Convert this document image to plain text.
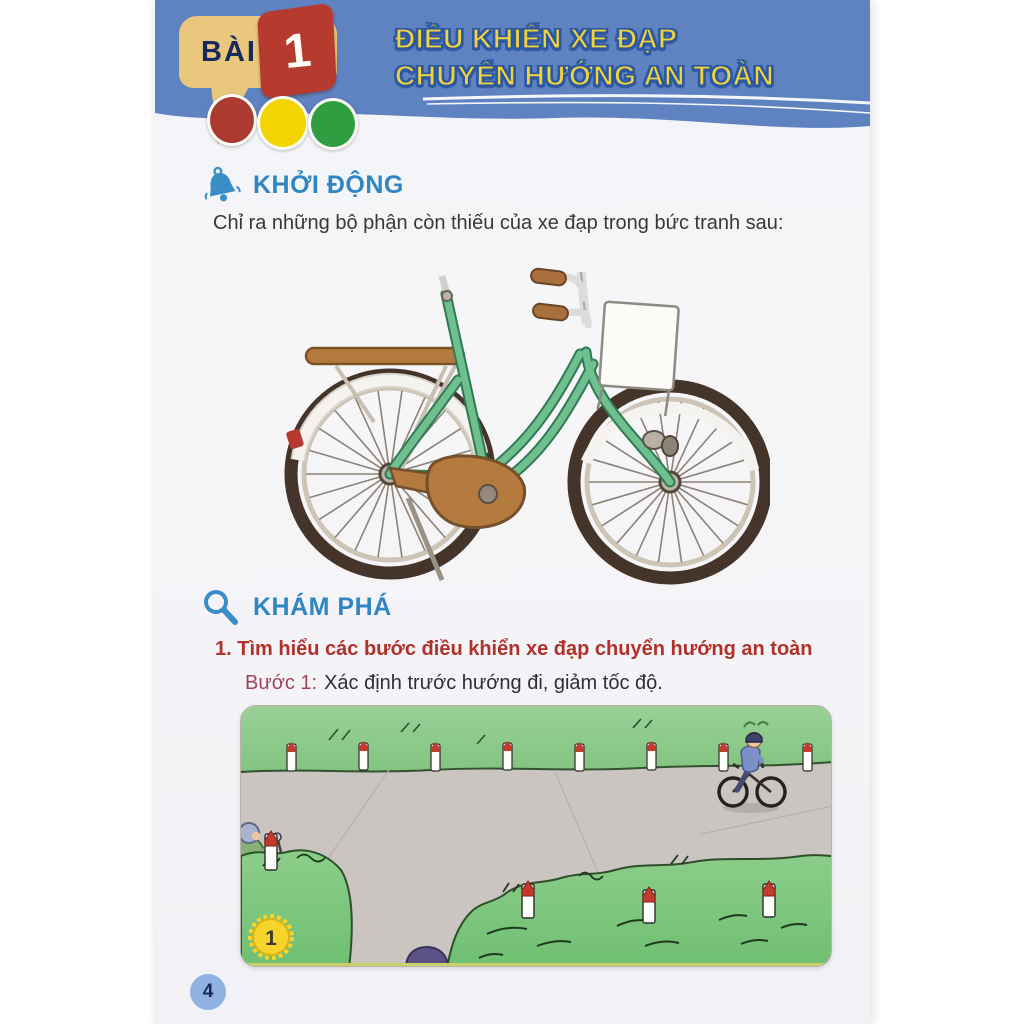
BÀI 1	ĐIỀU KHIỂN XE ĐẠP
CHUYỂN HƯỚNG AN TOÀN
KHỞI ĐỘNG

Chỉ ra những bộ phận còn thiếu của xe đạp trong bức tranh sau:

KHÁM PHÁ

1. Tìm hiểu các bước điều khiển xe đạp chuyển hướng an toàn

Bước 1: Xác định trước hướng đi, giảm tốc độ.

1
4
